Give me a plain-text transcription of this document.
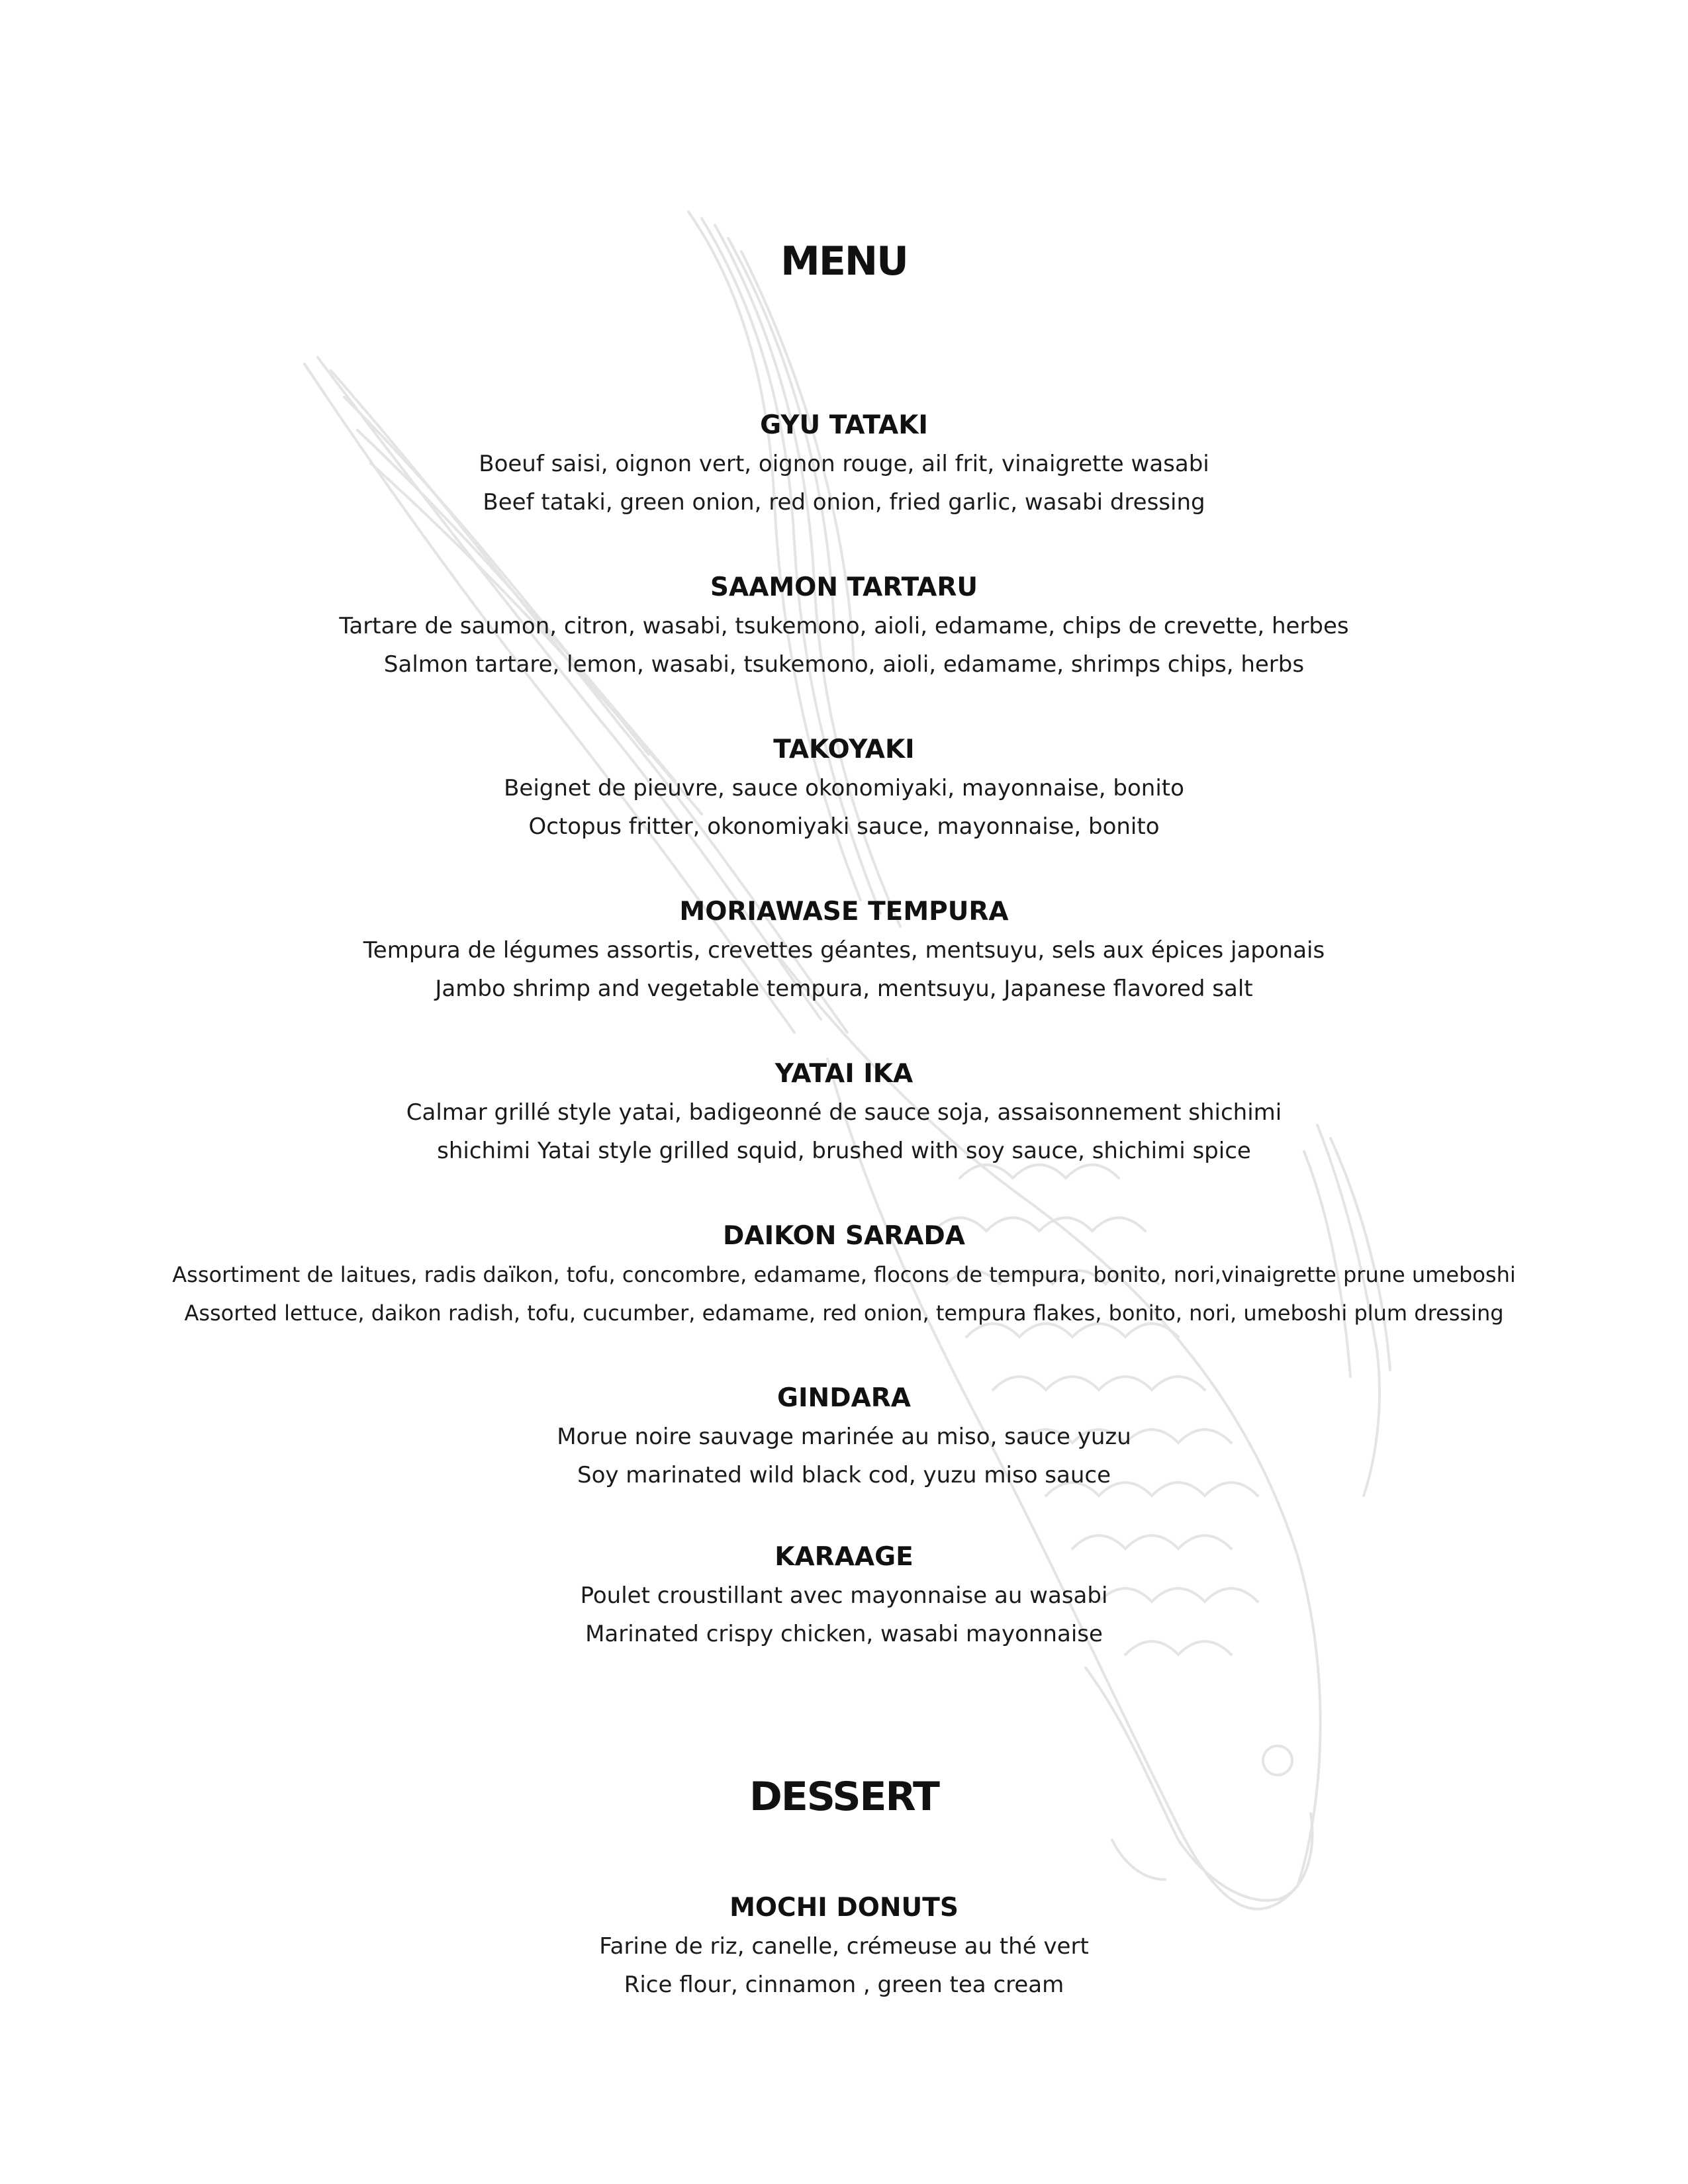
MENU

GYU TATAKI

Boeuf saisi, oignon vert, oignon rouge, ail frit, vinaigrette wasabi

Beef tataki, green onion, red onion, fried garlic, wasabi dressing

SAAMON TARTARU

Tartare de saumon, citron, wasabi, tsukemono, aioli, edamame, chips de crevette, herbes

Salmon tartare, lemon, wasabi, tsukemono, aioli, edamame, shrimps chips, herbs

TAKOYAKI

Beignet de pieuvre, sauce okonomiyaki, mayonnaise, bonito

Octopus fritter, okonomiyaki sauce, mayonnaise, bonito

MORIAWASE TEMPURA

Tempura de légumes assortis, crevettes géantes, mentsuyu, sels aux épices japonais

Jambo shrimp and vegetable tempura, mentsuyu, Japanese flavored salt

YATAI IKA

Calmar grillé style yatai, badigeonné de sauce soja, assaisonnement shichimi

shichimi Yatai style grilled squid, brushed with soy sauce, shichimi spice

DAIKON SARADA

Assortiment de laitues, radis daïkon, tofu, concombre, edamame, flocons de tempura, bonito, nori,vinaigrette prune umeboshi

Assorted lettuce, daikon radish, tofu, cucumber, edamame, red onion, tempura flakes, bonito, nori, umeboshi plum dressing

GINDARA

Morue noire sauvage marinée au miso, sauce yuzu

Soy marinated wild black cod, yuzu miso sauce

KARAAGE

Poulet croustillant avec mayonnaise au wasabi

Marinated crispy chicken, wasabi mayonnaise

DESSERT

MOCHI DONUTS

Farine de riz, canelle, crémeuse au thé vert

Rice flour, cinnamon , green tea cream
